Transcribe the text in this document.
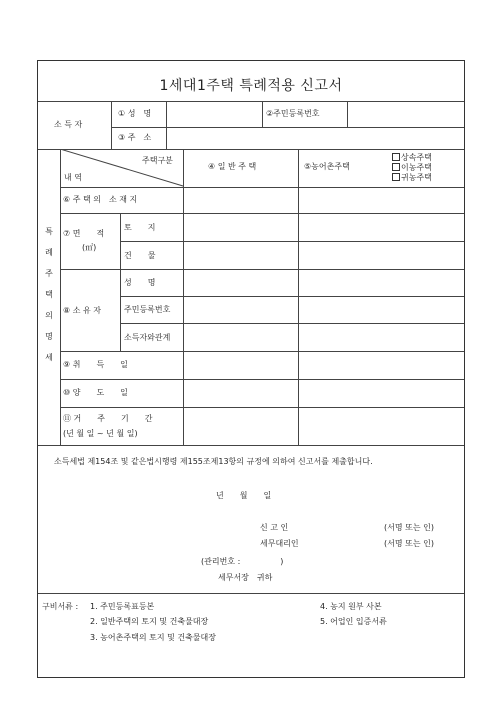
1세대1주택 특례적용 신고서
소 득 자
① 성　명	②주민등록번호
③ 주　소
특
례
주
택
의
명
세
주택구분
내 역
④ 일 반 주 택	⑤농어촌주택
상속주택
이농주택
귀농주택
⑥ 주 택 의　소 재 지
⑦ 면　　적
(㎡)
토　　지
건　　물
⑧ 소 유 자
성　　명
주민등록번호
소득자와관계
⑨ 취　　득　　일
⑩ 양　　도　　일
⑪ 거　　주　　기　　간
(년 월 일 ~ 년 월 일)
소득세법 제154조 및 같은법시행령 제155조제13항의 규정에 의하여 신고서를 제출합니다.
년　　월　　일
신 고 인	(서명 또는 인)
세무대리인	(서명 또는 인)
(관리번호 :　　　　　)
세무서장　귀하
구비서류 : 1. 주민등록표등본
2. 일반주택의 토지 및 건축물대장
3. 농어촌주택의 토지 및 건축물대장
4. 농지 원부 사본
5. 어업인 입증서류
